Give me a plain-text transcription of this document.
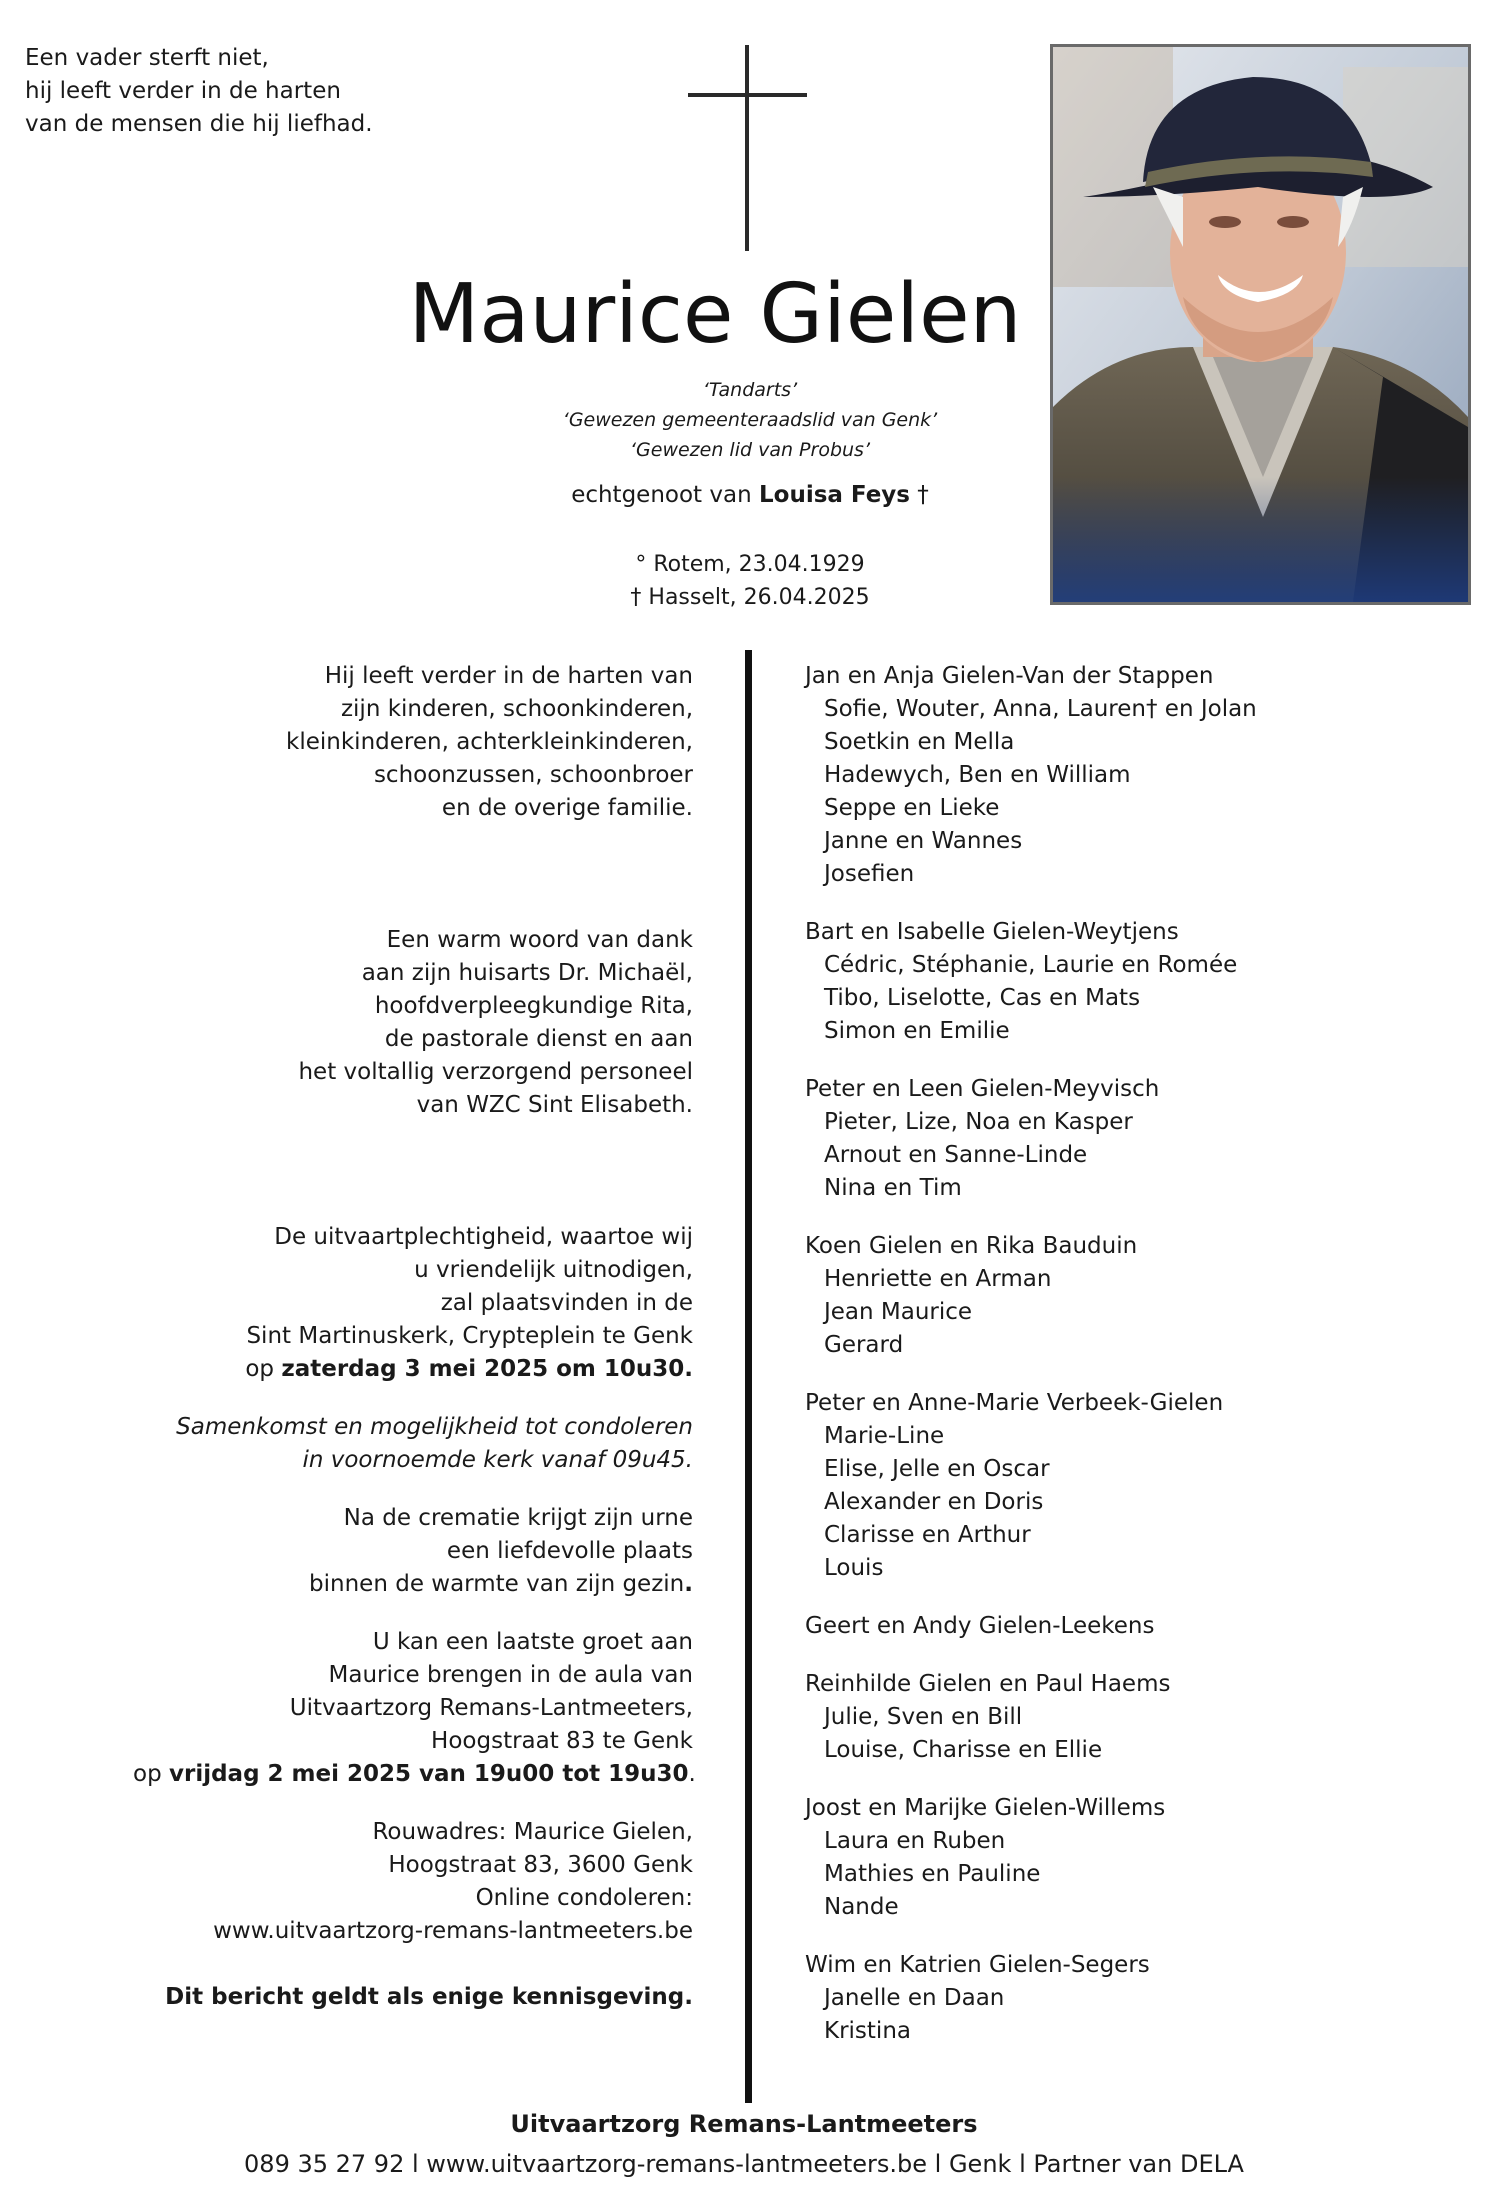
Een vader sterft niet,
hij leeft verder in de harten
van de mensen die hij liefhad.
Maurice Gielen
‘Tandarts’
‘Gewezen gemeenteraadslid van Genk’
‘Gewezen lid van Probus’
echtgenoot van Louisa Feys †
° Rotem, 23.04.1929
† Hasselt, 26.04.2025
Hij leeft verder in de harten van
zijn kinderen, schoonkinderen,
kleinkinderen, achterkleinkinderen,
schoonzussen, schoonbroer
en de overige familie.
Een warm woord van dank
aan zijn huisarts Dr. Michaël,
hoofdverpleegkundige Rita,
de pastorale dienst en aan
het voltallig verzorgend personeel
van WZC Sint Elisabeth.
De uitvaartplechtigheid, waartoe wij
u vriendelijk uitnodigen,
zal plaatsvinden in de
Sint Martinuskerk, Crypteplein te Genk
op zaterdag 3 mei 2025 om 10u30.
Samenkomst en mogelijkheid tot condoleren
in voornoemde kerk vanaf 09u45.
Na de crematie krijgt zijn urne
een liefdevolle plaats
binnen de warmte van zijn gezin.
U kan een laatste groet aan
Maurice brengen in de aula van
Uitvaartzorg Remans-Lantmeeters,
Hoogstraat 83 te Genk
op vrijdag 2 mei 2025 van 19u00 tot 19u30.
Rouwadres: Maurice Gielen,
Hoogstraat 83, 3600 Genk
Online condoleren:
www.uitvaartzorg-remans-lantmeeters.be
Dit bericht geldt als enige kennisgeving.
Jan en Anja Gielen-Van der Stappen
Sofie, Wouter, Anna, Lauren† en Jolan
Soetkin en Mella
Hadewych, Ben en William
Seppe en Lieke
Janne en Wannes
Josefien
Bart en Isabelle Gielen-Weytjens
Cédric, Stéphanie, Laurie en Romée
Tibo, Liselotte, Cas en Mats
Simon en Emilie
Peter en Leen Gielen-Meyvisch
Pieter, Lize, Noa en Kasper
Arnout en Sanne-Linde
Nina en Tim
Koen Gielen en Rika Bauduin
Henriette en Arman
Jean Maurice
Gerard
Peter en Anne-Marie Verbeek-Gielen
Marie-Line
Elise, Jelle en Oscar
Alexander en Doris
Clarisse en Arthur
Louis
Geert en Andy Gielen-Leekens
Reinhilde Gielen en Paul Haems
Julie, Sven en Bill
Louise, Charisse en Ellie
Joost en Marijke Gielen-Willems
Laura en Ruben
Mathies en Pauline
Nande
Wim en Katrien Gielen-Segers
Janelle en Daan
Kristina
Uitvaartzorg Remans-Lantmeeters
089 35 27 92 l www.uitvaartzorg-remans-lantmeeters.be l Genk l Partner van DELA
